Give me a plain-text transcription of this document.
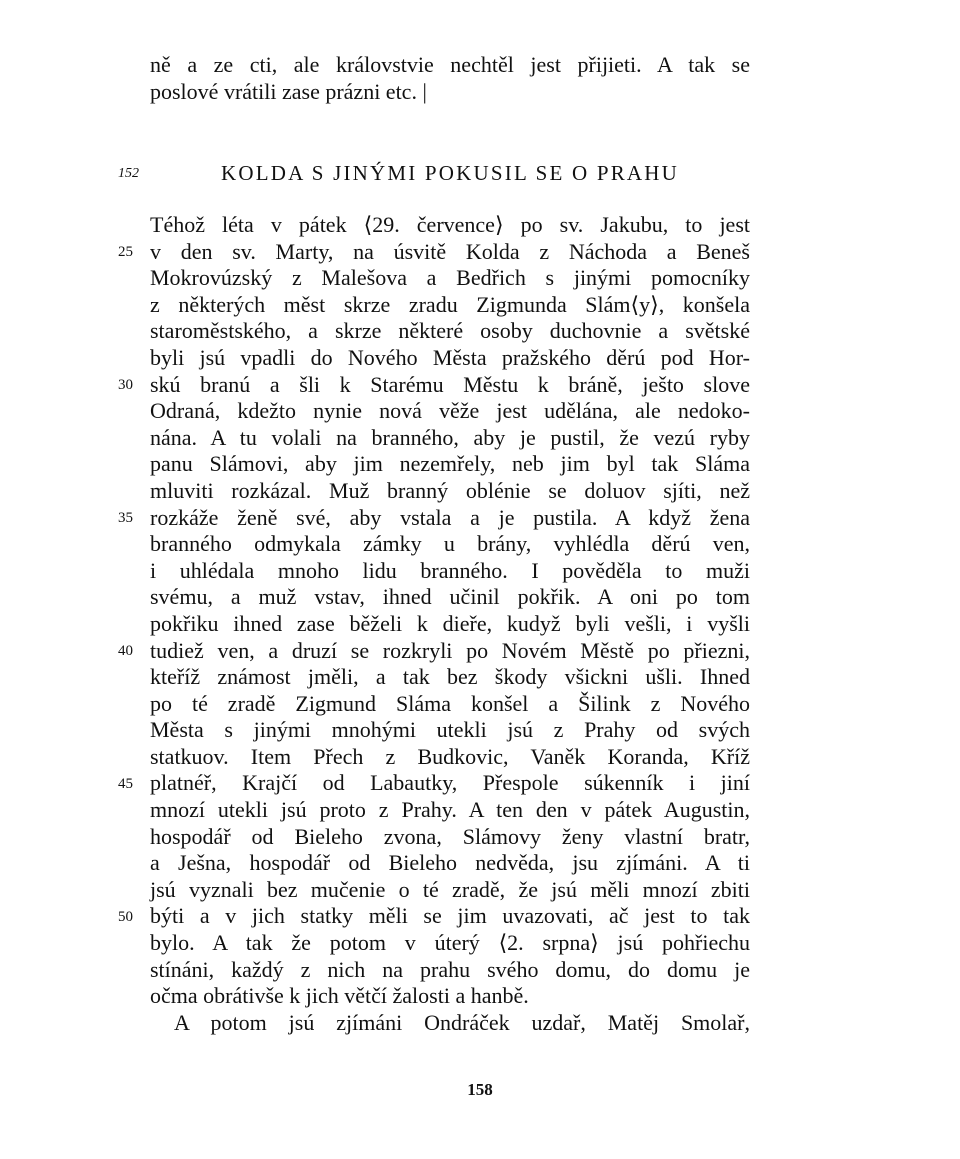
ně a ze cti, ale královstvie nechtěl jest přijieti. A tak se
poslové vrátili zase prázni etc. |
152	KOLDA S JINÝMI POKUSIL SE O PRAHU
Téhož léta v pátek ⟨29. července⟩ po sv. Jakubu, to jest
v den sv. Marty, na úsvitě Kolda z Náchoda a Beneš
Mokrovúzský z Malešova a Bedřich s jinými pomocníky
z některých měst skrze zradu Zigmunda Slám⟨y⟩, konšela
staroměstského, a skrze některé osoby duchovnie a světské
byli jsú vpadli do Nového Města pražského děrú pod Hor-
skú branú a šli k Starému Městu k bráně, ješto slove
Odraná, kdežto nynie nová věže jest udělána, ale nedoko-
nána. A tu volali na branného, aby je pustil, že vezú ryby
panu Slámovi, aby jim nezemřely, neb jim byl tak Sláma
mluviti rozkázal. Muž branný oblénie se doluov sjíti, než
rozkáže ženě své, aby vstala a je pustila. A když žena
branného odmykala zámky u brány, vyhlédla děrú ven,
i uhlédala mnoho lidu branného. I pověděla to muži
svému, a muž vstav, ihned učinil pokřik. A oni po tom
pokřiku ihned zase běželi k dieře, kudyž byli vešli, i vyšli
tudiež ven, a druzí se rozkryli po Novém Městě po přiezni,
kteříž známost jměli, a tak bez škody všickni ušli. Ihned
po té zradě Zigmund Sláma konšel a Šilink z Nového
Města s jinými mnohými utekli jsú z Prahy od svých
statkuov. Item Přech z Budkovic, Vaněk Koranda, Kříž
platnéř, Krajčí od Labautky, Přespole súkenník i jiní
mnozí utekli jsú proto z Prahy. A ten den v pátek Augustin,
hospodář od Bieleho zvona, Slámovy ženy vlastní bratr,
a Ješna, hospodář od Bieleho nedvěda, jsu zjímáni. A ti
jsú vyznali bez mučenie o té zradě, že jsú měli mnozí zbiti
býti a v jich statky měli se jim uvazovati, ač jest to tak
bylo. A tak že potom v úterý ⟨2. srpna⟩ jsú pohřiechu
stínáni, každý z nich na prahu svého domu, do domu je
očma obrátivše k jich větčí žalosti a hanbě.
A potom jsú zjímáni Ondráček uzdař, Matěj Smolař,
25
30
35
40
45
50
158
